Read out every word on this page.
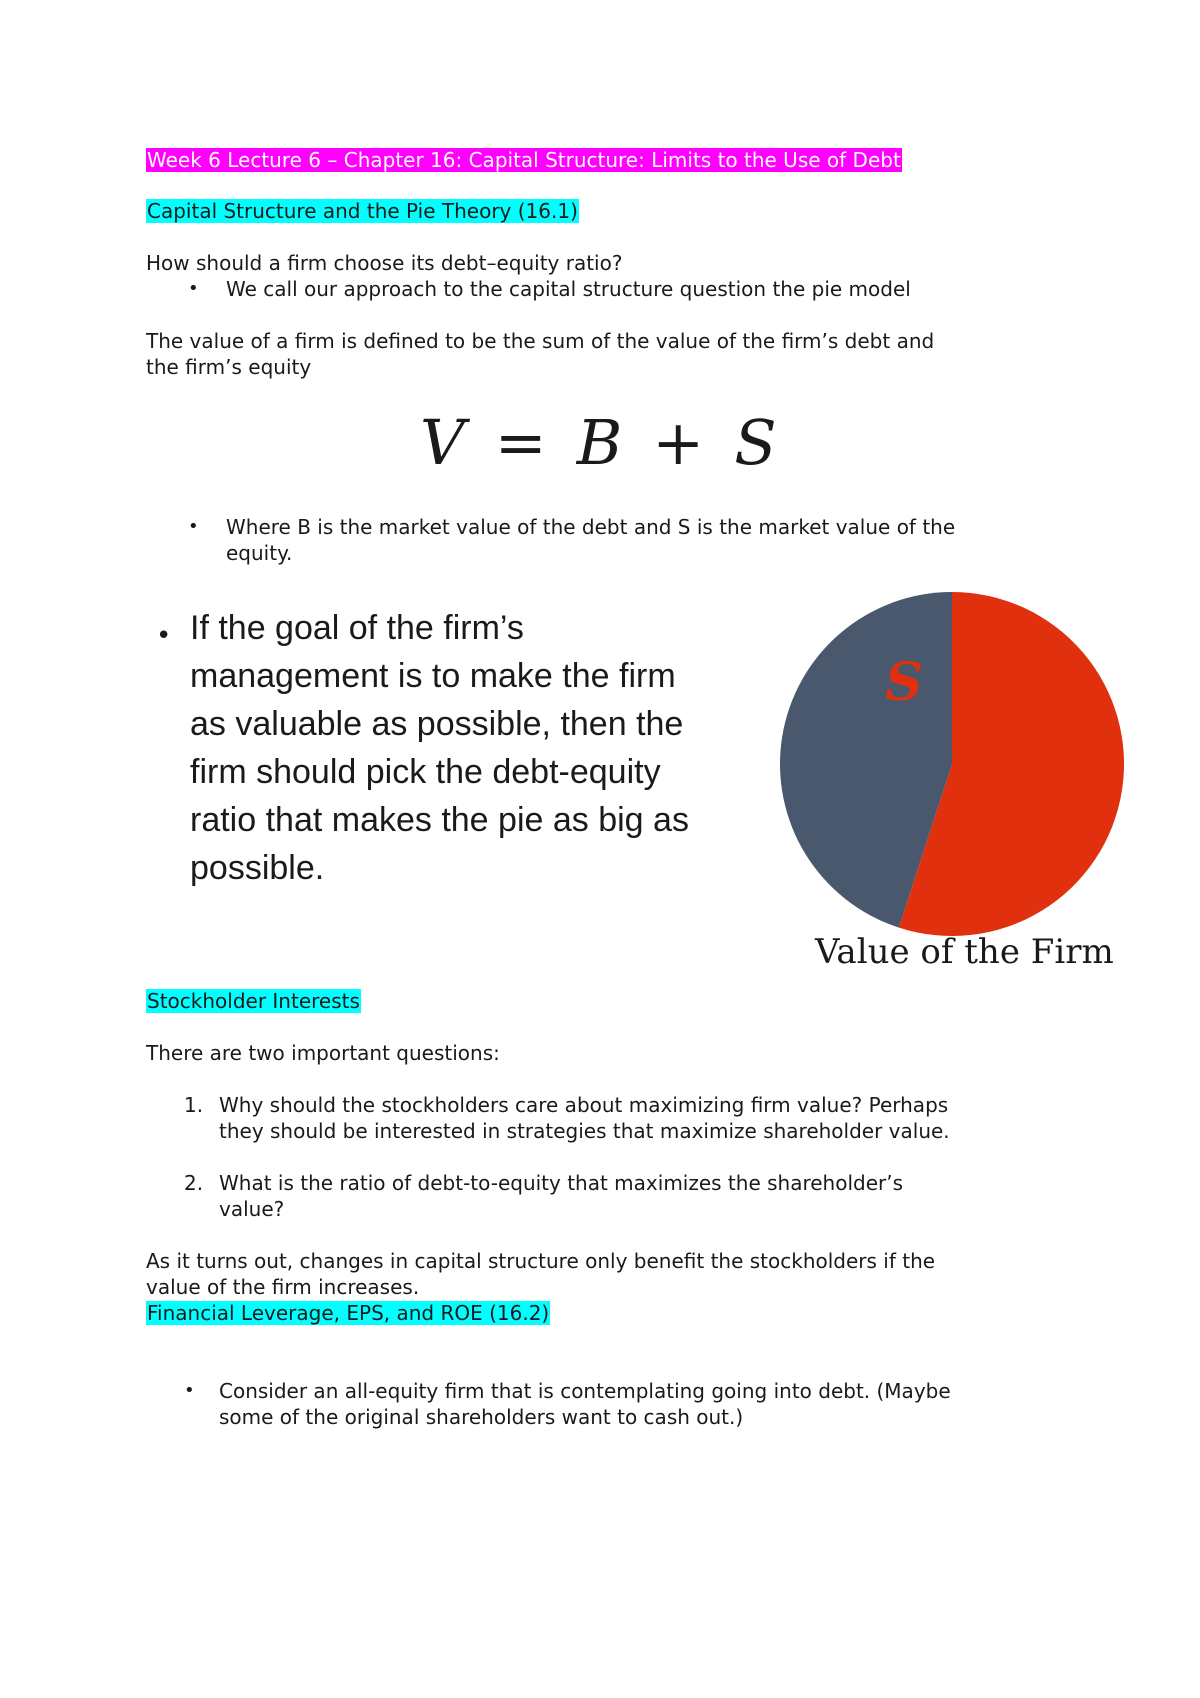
Week 6 Lecture 6 – Chapter 16: Capital Structure: Limits to the Use of Debt
Capital Structure and the Pie Theory (16.1)
How should a firm choose its debt–equity ratio?
• We call our approach to the capital structure question the pie model
The value of a firm is defined to be the sum of the value of the firm’s debt and
the firm’s equity
V = B + S
• Where B is the market value of the debt and S is the market value of the
equity.
• If the goal of the firm’s
management is to make the firm
as valuable as possible, then the
firm should pick the debt-equity
ratio that makes the pie as big as
possible.
S B
Value of the Firm
Stockholder Interests
There are two important questions:
1. Why should the stockholders care about maximizing firm value? Perhaps
they should be interested in strategies that maximize shareholder value.
2. What is the ratio of debt-to-equity that maximizes the shareholder’s
value?
As it turns out, changes in capital structure only benefit the stockholders if the
value of the firm increases.
Financial Leverage, EPS, and ROE (16.2)
• Consider an all-equity firm that is contemplating going into debt. (Maybe
some of the original shareholders want to cash out.)
